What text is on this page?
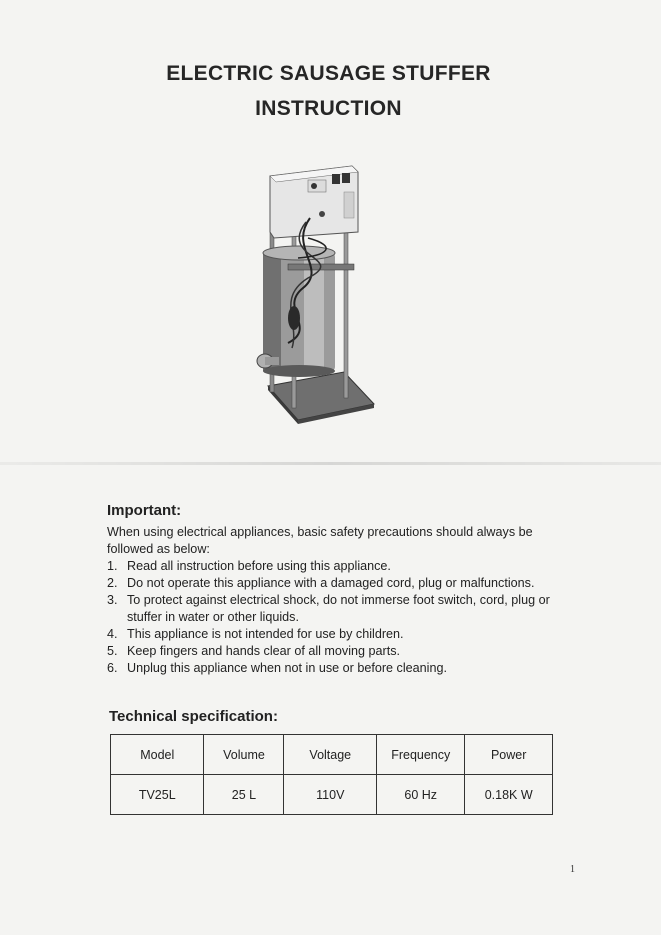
ELECTRIC SAUSAGE STUFFER
INSTRUCTION
Important:
When using electrical appliances, basic safety precautions should always be followed as below:
1. Read all instruction before using this appliance.
2. Do not operate this appliance with a damaged cord, plug or malfunctions.
3. To protect against electrical shock, do not immerse foot switch, cord, plug or stuffer in water or other liquids.
4. This appliance is not intended for use by children.
5. Keep fingers and hands clear of all moving parts.
6. Unplug this appliance when not in use or before cleaning.
Technical specification:
Model	Volume	Voltage	Frequency	Power
TV25L	25 L	110V	60 Hz	0.18K W
1
